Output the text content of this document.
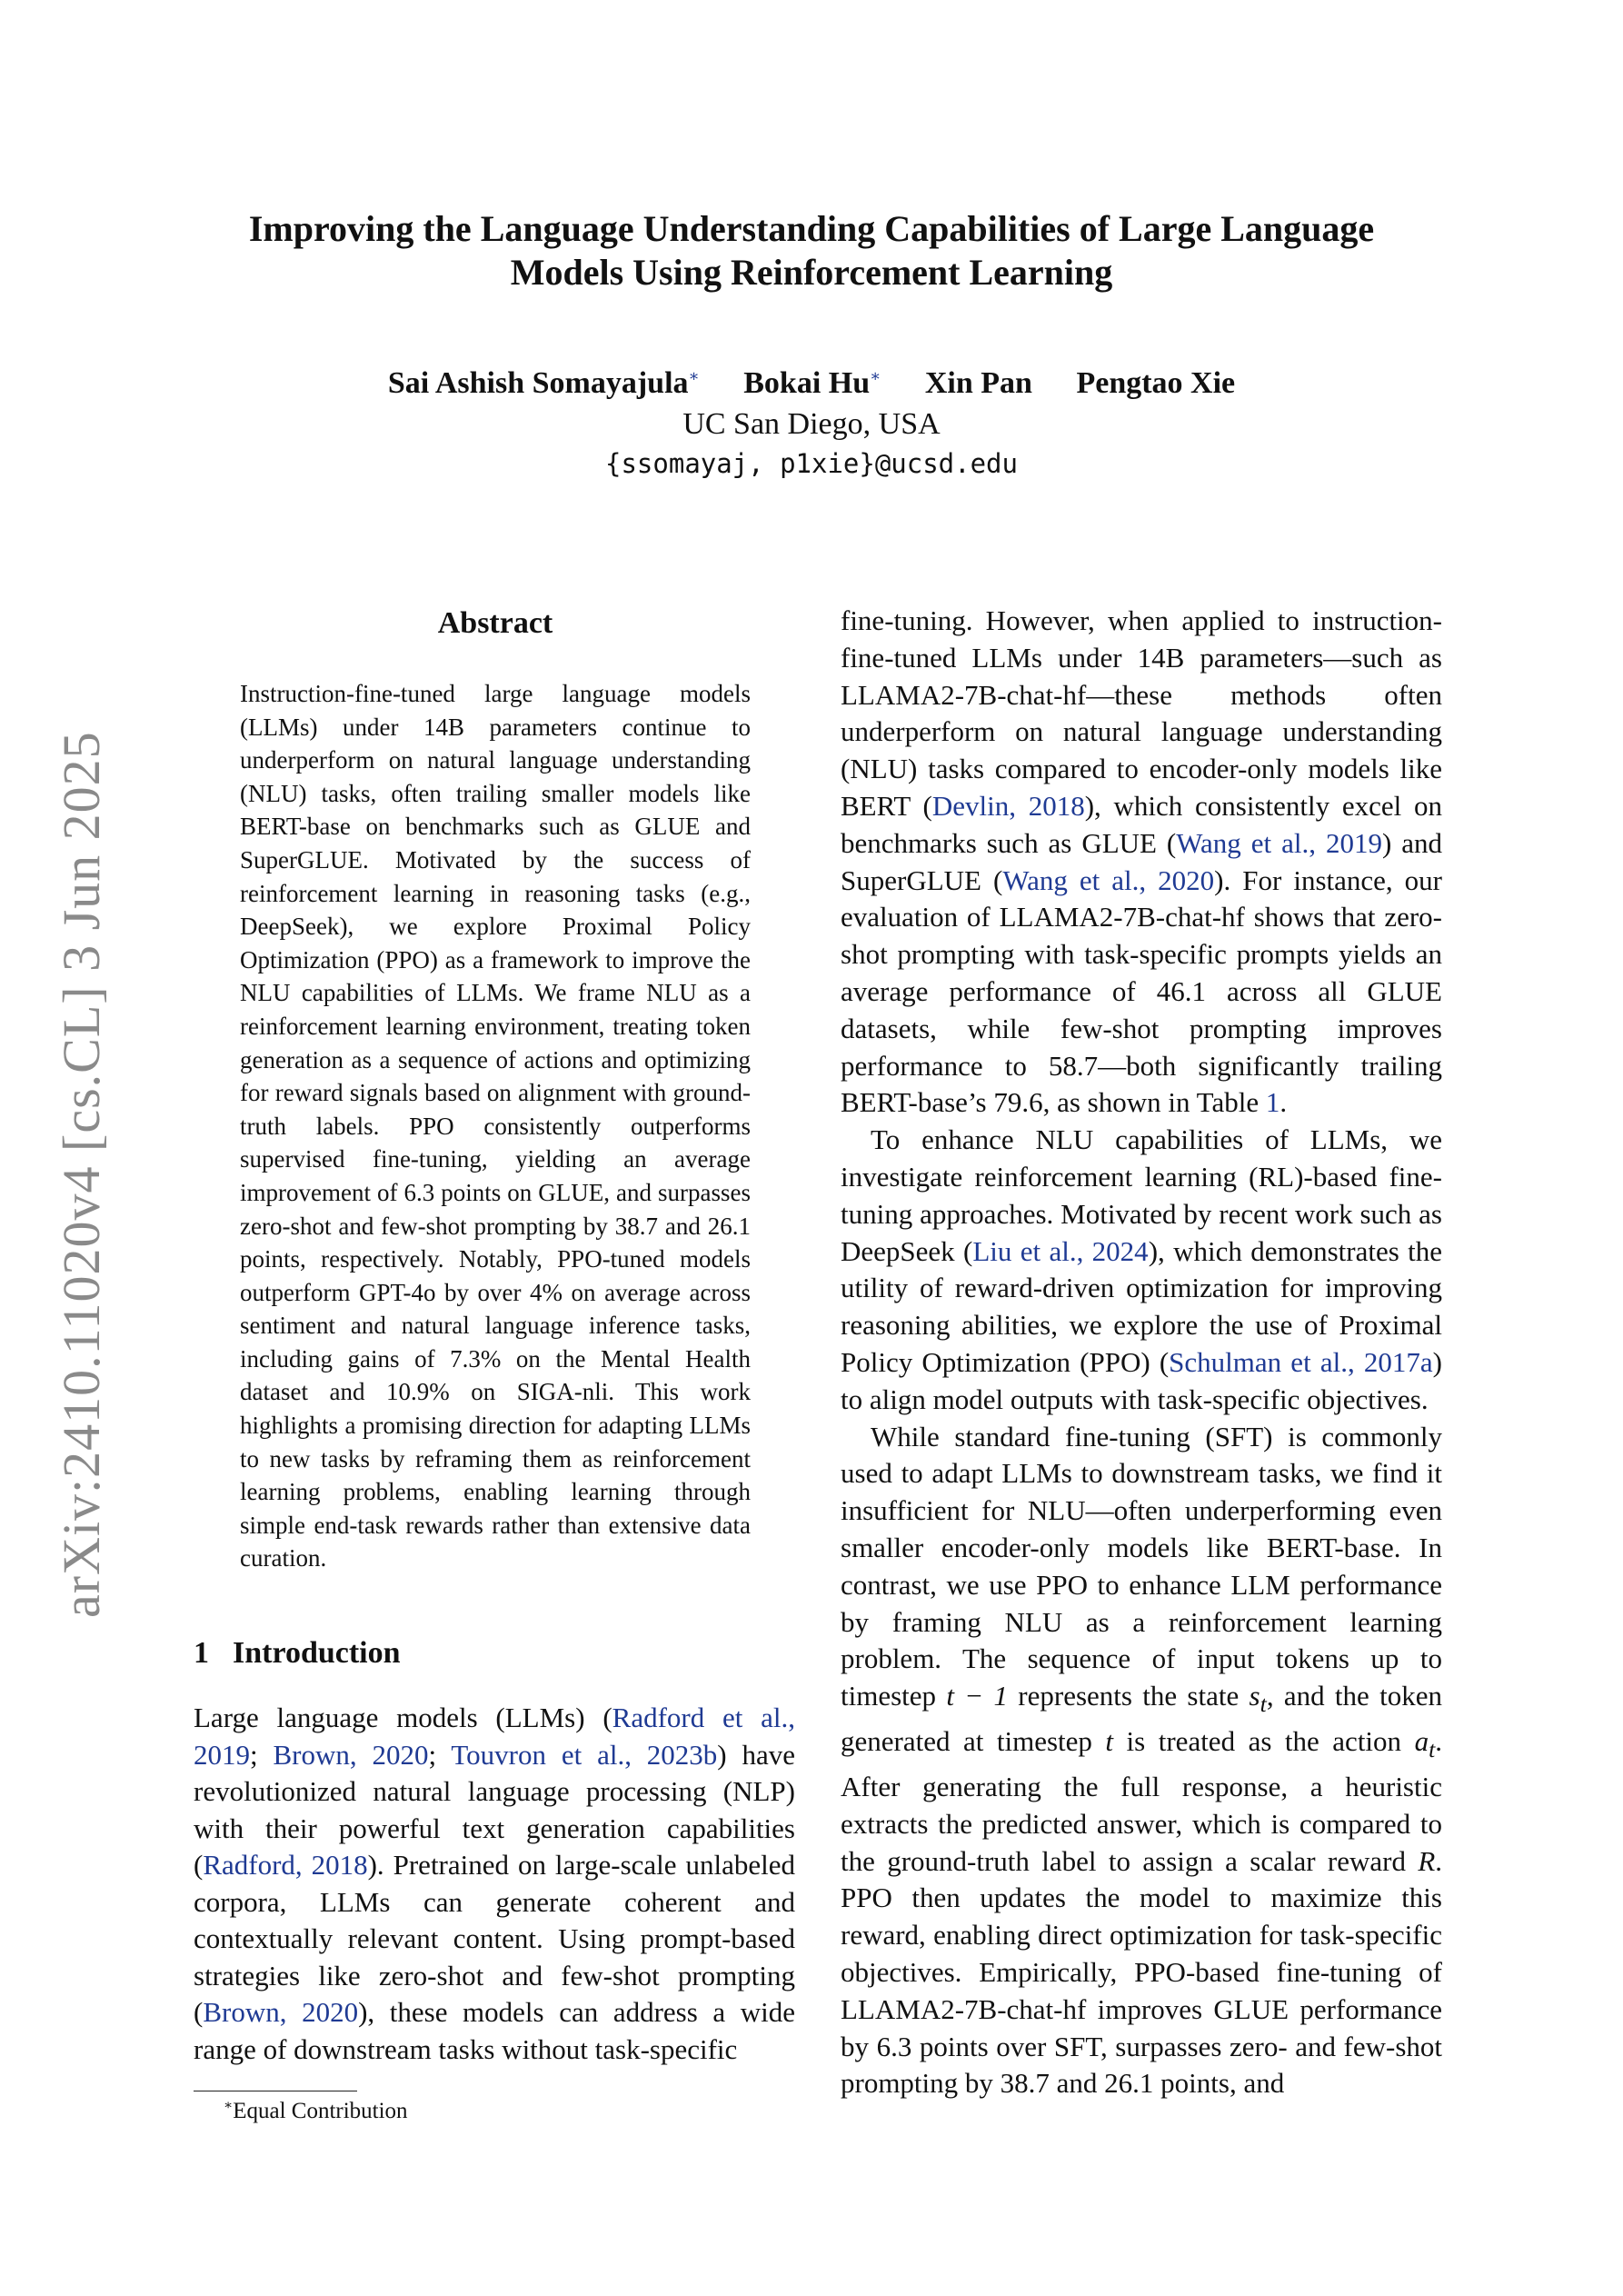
arXiv:2410.11020v4 [cs.CL] 3 Jun 2025
Improving the Language Understanding Capabilities of Large Language
Models Using Reinforcement Learning
Sai Ashish Somayajula∗ Bokai Hu∗ Xin Pan Pengtao Xie
UC San Diego, USA
{ssomayaj, p1xie}@ucsd.edu
Abstract
Instruction-fine-tuned large language models (LLMs) under 14B parameters continue to underperform on natural language understanding (NLU) tasks, often trailing smaller models like BERT-base on benchmarks such as GLUE and SuperGLUE. Motivated by the success of reinforcement learning in reasoning tasks (e.g., DeepSeek), we explore Proximal Policy Optimization (PPO) as a framework to improve the NLU capabilities of LLMs. We frame NLU as a reinforcement learning environment, treating token generation as a sequence of actions and optimizing for reward signals based on alignment with ground-truth labels. PPO consistently outperforms supervised fine-tuning, yielding an average improvement of 6.3 points on GLUE, and surpasses zero-shot and few-shot prompting by 38.7 and 26.1 points, respectively. Notably, PPO-tuned models outperform GPT-4o by over 4% on average across sentiment and natural language inference tasks, including gains of 7.3% on the Mental Health dataset and 10.9% on SIGA-nli. This work highlights a promising direction for adapting LLMs to new tasks by reframing them as reinforcement learning problems, enabling learning through simple end-task rewards rather than extensive data curation.
1 Introduction
Large language models (LLMs) (Radford et al., 2019; Brown, 2020; Touvron et al., 2023b) have revolutionized natural language processing (NLP) with their powerful text generation capabilities (Radford, 2018). Pretrained on large-scale unlabeled corpora, LLMs can generate coherent and contextually relevant content. Using prompt-based strategies like zero-shot and few-shot prompting (Brown, 2020), these models can address a wide range of downstream tasks without task-specific

fine-tuning. However, when applied to instruction-fine-tuned LLMs under 14B parameters—such as LLAMA2-7B-chat-hf—these methods often underperform on natural language understanding (NLU) tasks compared to encoder-only models like BERT (Devlin, 2018), which consistently excel on benchmarks such as GLUE (Wang et al., 2019) and SuperGLUE (Wang et al., 2020). For instance, our evaluation of LLAMA2-7B-chat-hf shows that zero-shot prompting with task-specific prompts yields an average performance of 46.1 across all GLUE datasets, while few-shot prompting improves performance to 58.7—both significantly trailing BERT-base’s 79.6, as shown in Table 1.

To enhance NLU capabilities of LLMs, we investigate reinforcement learning (RL)-based fine-tuning approaches. Motivated by recent work such as DeepSeek (Liu et al., 2024), which demonstrates the utility of reward-driven optimization for improving reasoning abilities, we explore the use of Proximal Policy Optimization (PPO) (Schulman et al., 2017a) to align model outputs with task-specific objectives.

While standard fine-tuning (SFT) is commonly used to adapt LLMs to downstream tasks, we find it insufficient for NLU—often underperforming even smaller encoder-only models like BERT-base. In contrast, we use PPO to enhance LLM performance by framing NLU as a reinforcement learning problem. The sequence of input tokens up to timestep t − 1 represents the state $s_t$, and the token generated at timestep t is treated as the action $a_t$. After generating the full response, a heuristic extracts the predicted answer, which is compared to the ground-truth label to assign a scalar reward R. PPO then updates the model to maximize this reward, enabling direct optimization for task-specific objectives. Empirically, PPO-based fine-tuning of LLAMA2-7B-chat-hf improves GLUE performance by 6.3 points over SFT, surpasses zero- and few-shot prompting by 38.7 and 26.1 points, and

∗Equal Contribution
